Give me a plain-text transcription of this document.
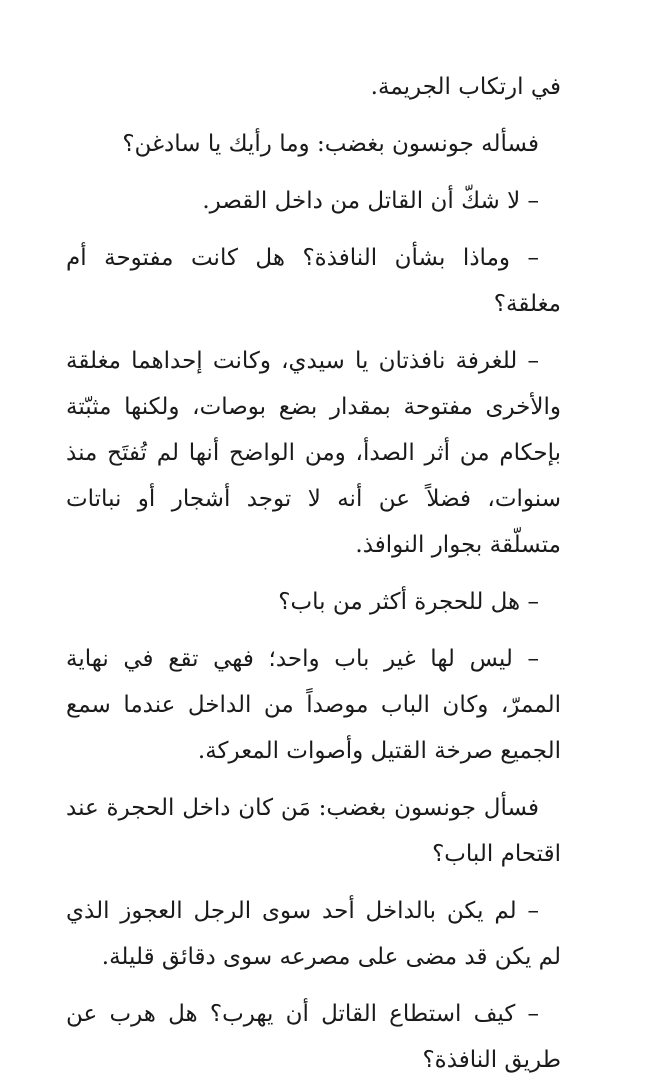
في ارتكاب الجريمة.

فسأله جونسون بغضب: وما رأيك يا سادغن؟

– لا شكّ أن القاتل من داخل القصر.

– وماذا بشأن النافذة؟ هل كانت مفتوحة أم مغلقة؟

– للغرفة نافذتان يا سيدي، وكانت إحداهما مغلقة والأخرى مفتوحة بمقدار بضع بوصات، ولكنها مثبّتة بإحكام من أثر الصدأ، ومن الواضح أنها لم تُفتَح منذ سنوات، فضلاً عن أنه لا توجد أشجار أو نباتات متسلّقة بجوار النوافذ.

– هل للحجرة أكثر من باب؟

– ليس لها غير باب واحد؛ فهي تقع في نهاية الممرّ، وكان الباب موصداً من الداخل عندما سمع الجميع صرخة القتيل وأصوات المعركة.

فسأل جونسون بغضب: مَن كان داخل الحجرة عند اقتحام الباب؟

– لم يكن بالداخل أحد سوى الرجل العجوز الذي لم يكن قد مضى على مصرعه سوى دقائق قليلة.

– كيف استطاع القاتل أن يهرب؟ هل هرب عن طريق النافذة؟
